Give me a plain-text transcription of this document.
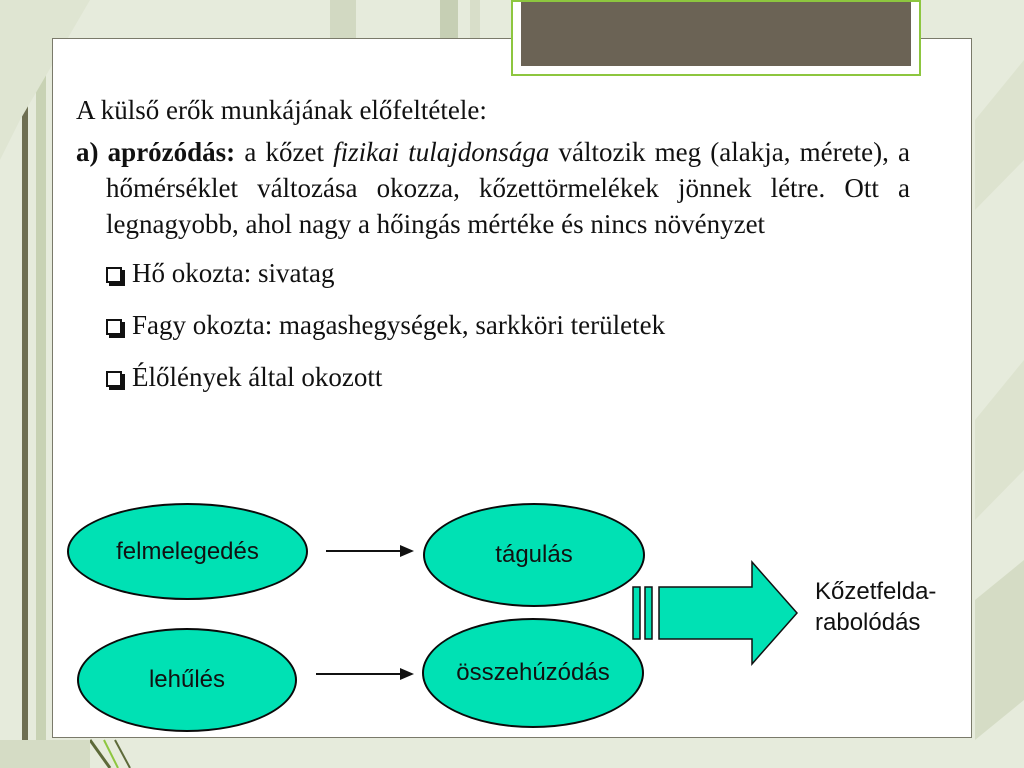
A külső erők munkájának előfeltétele:
a) aprózódás: a kőzet fizikai tulajdonsága változik meg (alakja, mérete), a hőmérséklet változása okozza, kőzettörmelékek jönnek létre. Ott a legnagyobb, ahol nagy a hőingás mértéke és nincs növényzet
Hő okozta: sivatag
Fagy okozta: magashegységek, sarkköri területek
Élőlények által okozott
felmelegedés	tágulás
lehűlés	összehúzódás
Kőzetfelda-
rabolódás
